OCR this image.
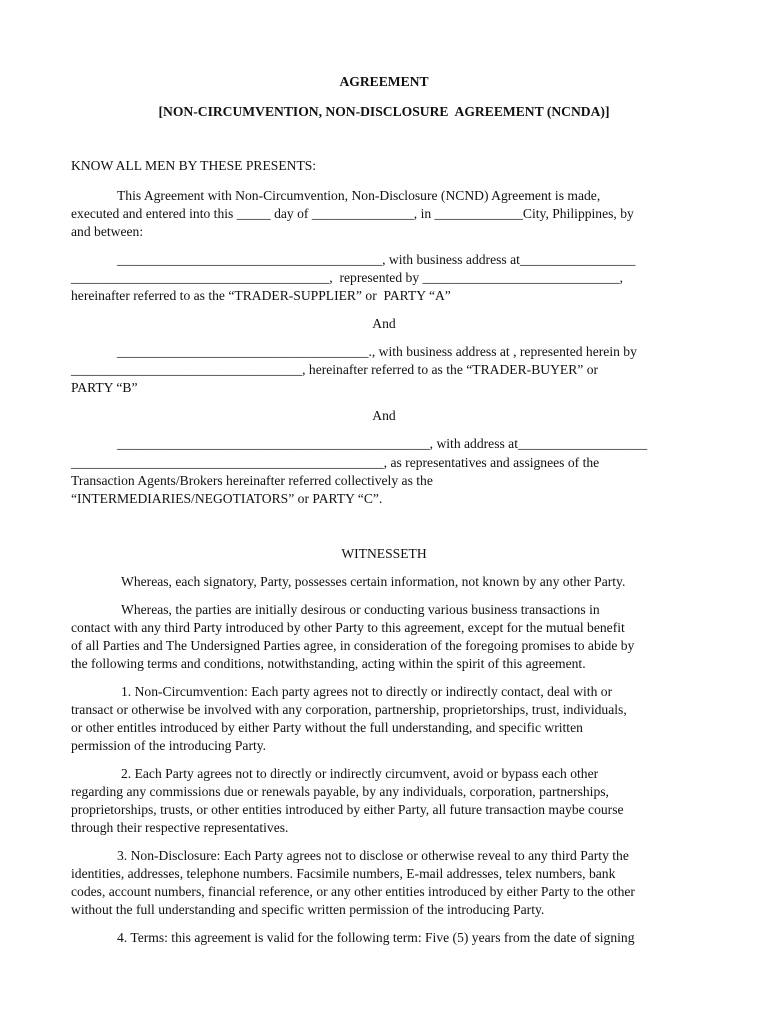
AGREEMENT
[NON-CIRCUMVENTION, NON-DISCLOSURE  AGREEMENT (NCNDA)]
KNOW ALL MEN BY THESE PRESENTS:
This Agreement with Non-Circumvention, Non-Disclosure (NCND) Agreement is made,
executed and entered into this _____ day of _______________, in _____________City, Philippines, by
and between:
_______________________________________, with business address at_________________
______________________________________,  represented by _____________________________,
hereinafter referred to as the “TRADER-SUPPLIER” or  PARTY “A”
And
_____________________________________., with business address at , represented herein by
__________________________________, hereinafter referred to as the “TRADER-BUYER” or
PARTY “B”
And
______________________________________________, with address at___________________
______________________________________________, as representatives and assignees of the
Transaction Agents/Brokers hereinafter referred collectively as the
“INTERMEDIARIES/NEGOTIATORS” or PARTY “C”.
WITNESSETH
Whereas, each signatory, Party, possesses certain information, not known by any other Party.
Whereas, the parties are initially desirous or conducting various business transactions in
contact with any third Party introduced by other Party to this agreement, except for the mutual benefit
of all Parties and The Undersigned Parties agree, in consideration of the foregoing promises to abide by
the following terms and conditions, notwithstanding, acting within the spirit of this agreement.
1. Non-Circumvention: Each party agrees not to directly or indirectly contact, deal with or
transact or otherwise be involved with any corporation, partnership, proprietorships, trust, individuals,
or other entitles introduced by either Party without the full understanding, and specific written
permission of the introducing Party.
2. Each Party agrees not to directly or indirectly circumvent, avoid or bypass each other
regarding any commissions due or renewals payable, by any individuals, corporation, partnerships,
proprietorships, trusts, or other entities introduced by either Party, all future transaction maybe course
through their respective representatives.
3. Non-Disclosure: Each Party agrees not to disclose or otherwise reveal to any third Party the
identities, addresses, telephone numbers. Facsimile numbers, E-mail addresses, telex numbers, bank
codes, account numbers, financial reference, or any other entities introduced by either Party to the other
without the full understanding and specific written permission of the introducing Party.
4. Terms: this agreement is valid for the following term: Five (5) years from the date of signing
